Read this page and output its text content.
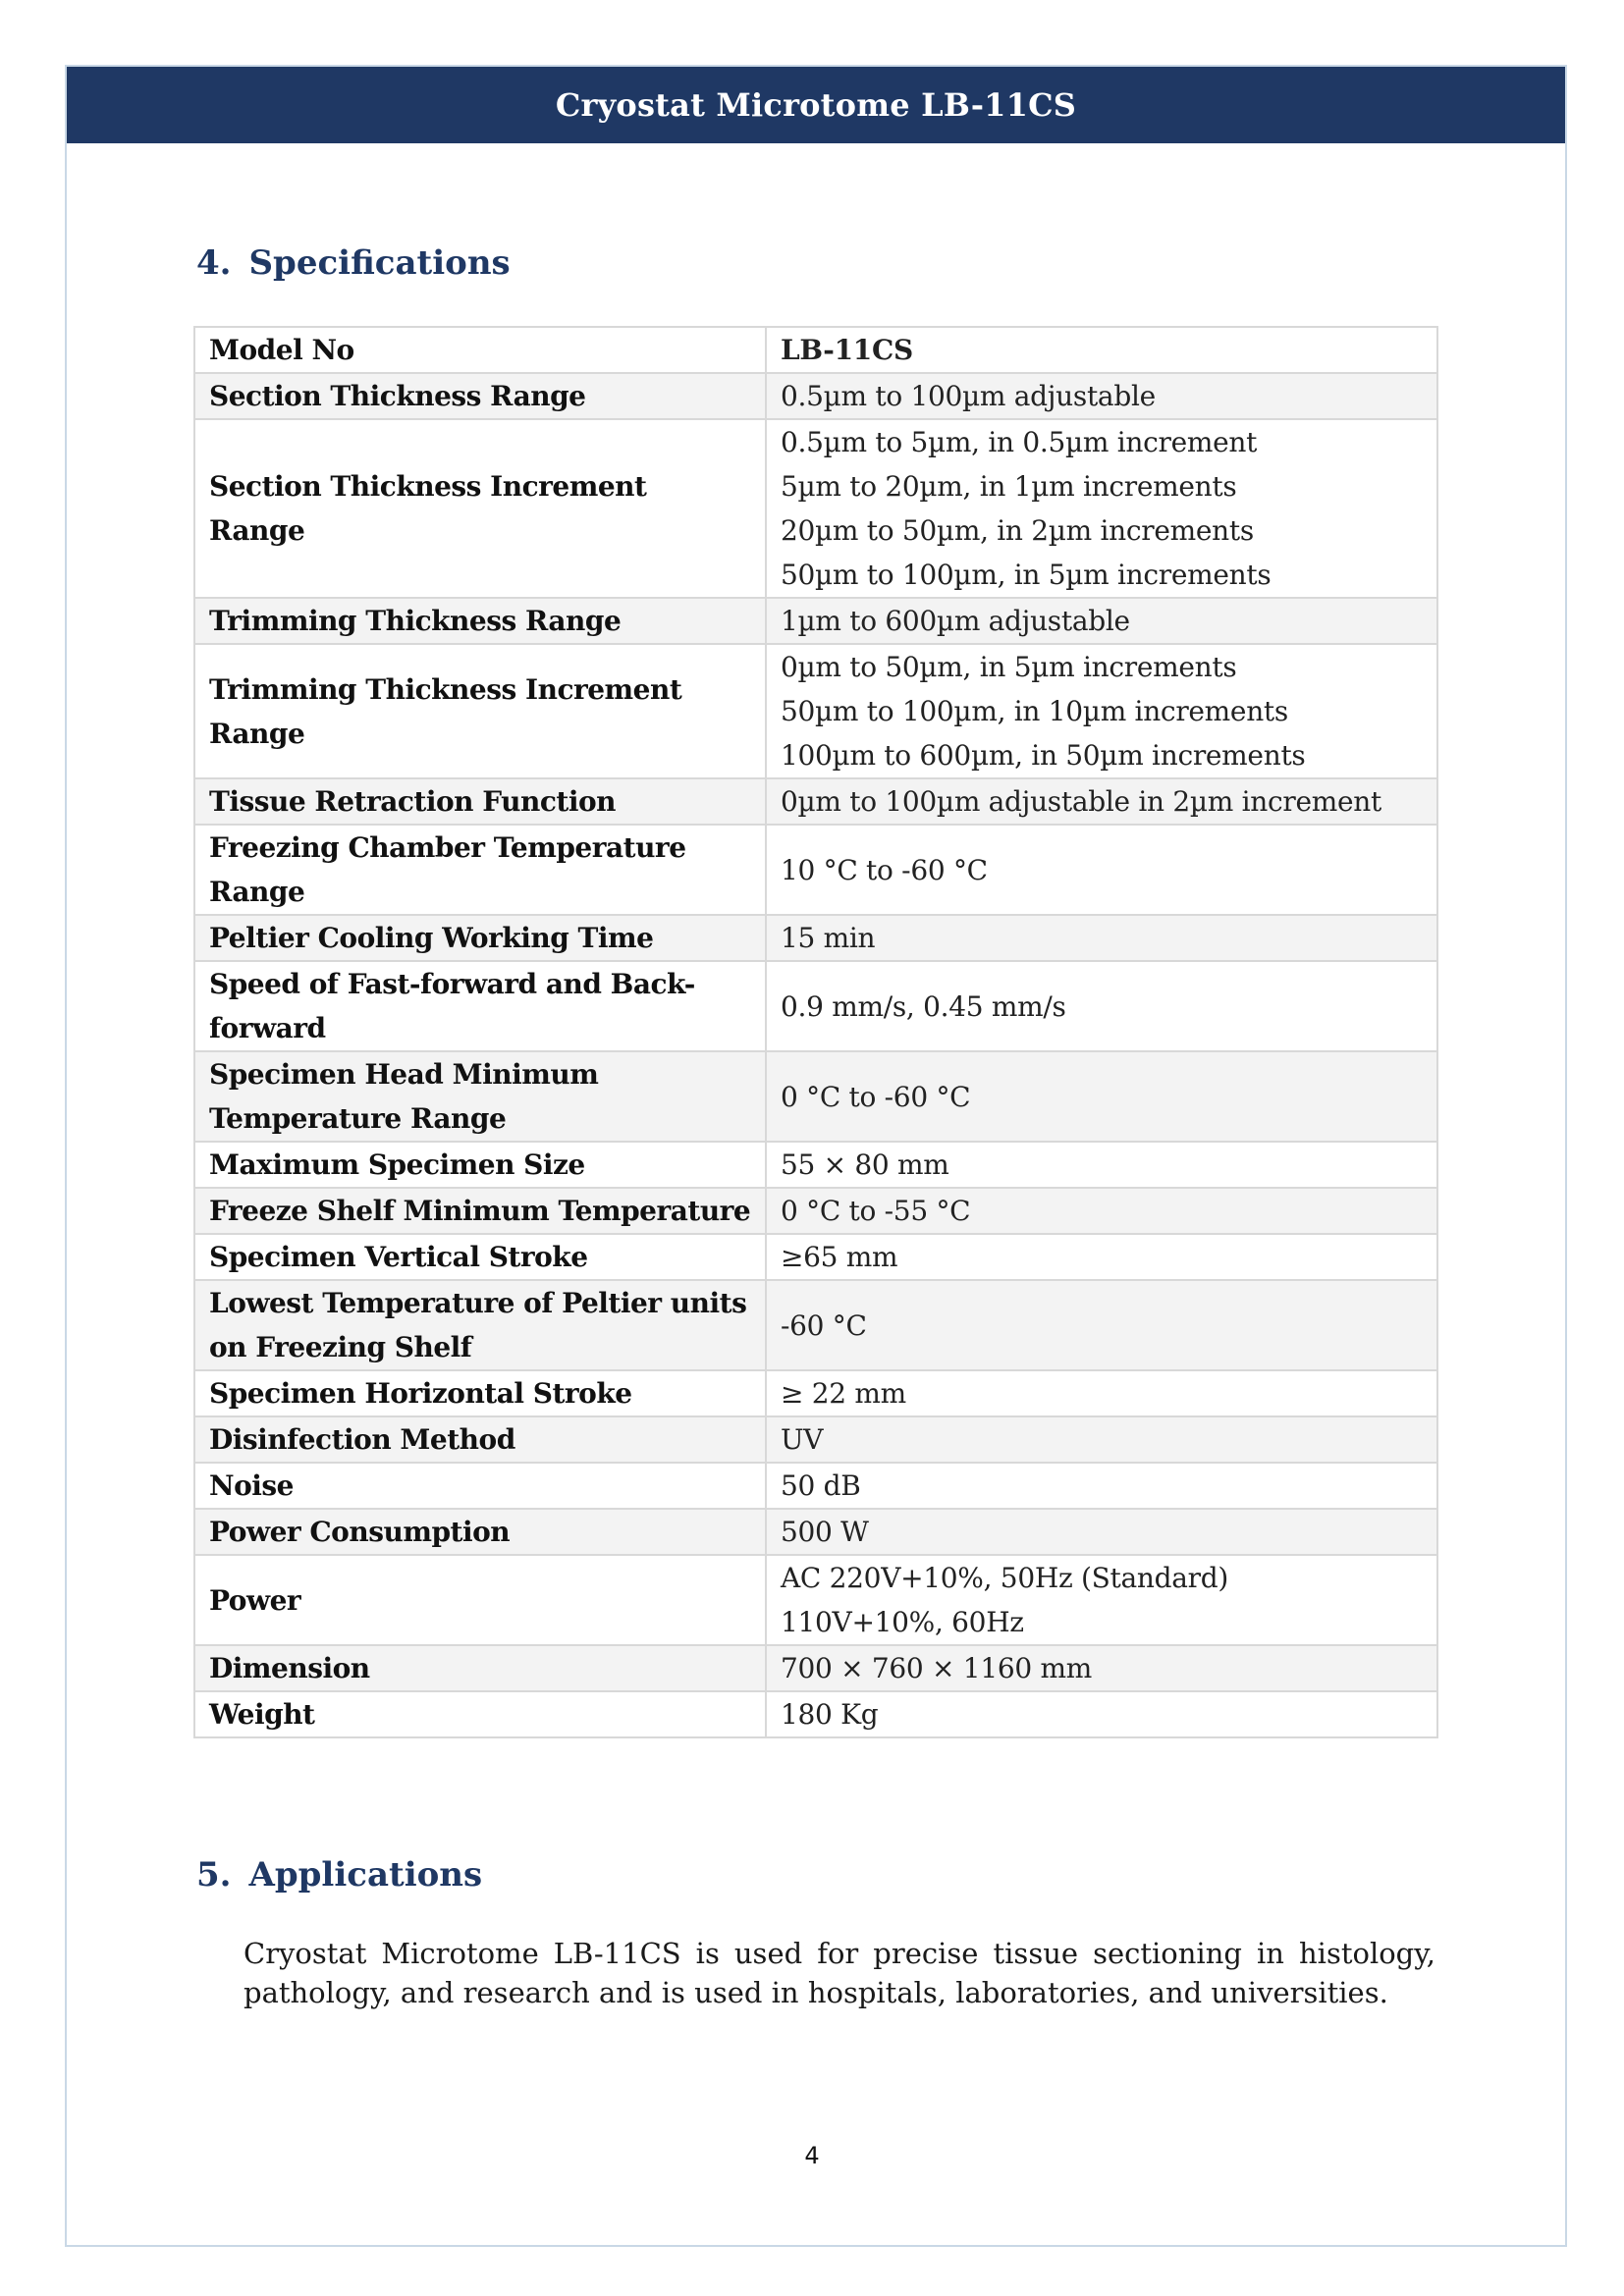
Cryostat Microtome LB-11CS
4. Specifications
Model No	LB-11CS

Section Thickness Range	0.5µm to 100µm adjustable

Section Thickness Increment Range	0.5µm to 5µm, in 0.5µm increment
5µm to 20µm, in 1µm increments
20µm to 50µm, in 2µm increments
50µm to 100µm, in 5µm increments

Trimming Thickness Range	1µm to 600µm adjustable

Trimming Thickness Increment Range	0µm to 50µm, in 5µm increments
50µm to 100µm, in 10µm increments
100µm to 600µm, in 50µm increments

Tissue Retraction Function	0µm to 100µm adjustable in 2µm increment

Freezing Chamber Temperature Range	10 °C to -60 °C

Peltier Cooling Working Time	15 min

Speed of Fast-forward and Back-forward	0.9 mm/s, 0.45 mm/s

Specimen Head Minimum Temperature Range	0 °C to -60 °C

Maximum Specimen Size	55 × 80 mm

Freeze Shelf Minimum Temperature	0 °C to -55 °C

Specimen Vertical Stroke	≥65 mm

Lowest Temperature of Peltier units on Freezing Shelf	-60 °C

Specimen Horizontal Stroke	≥ 22 mm

Disinfection Method	UV

Noise	50 dB

Power Consumption	500 W

Power	AC 220V+10%, 50Hz (Standard)
110V+10%, 60Hz

Dimension	700 × 760 × 1160 mm

Weight	180 Kg
5. Applications
Cryostat Microtome LB-11CS is used for precise tissue sectioning in histology, pathology, and research and is used in hospitals, laboratories, and universities.
4
